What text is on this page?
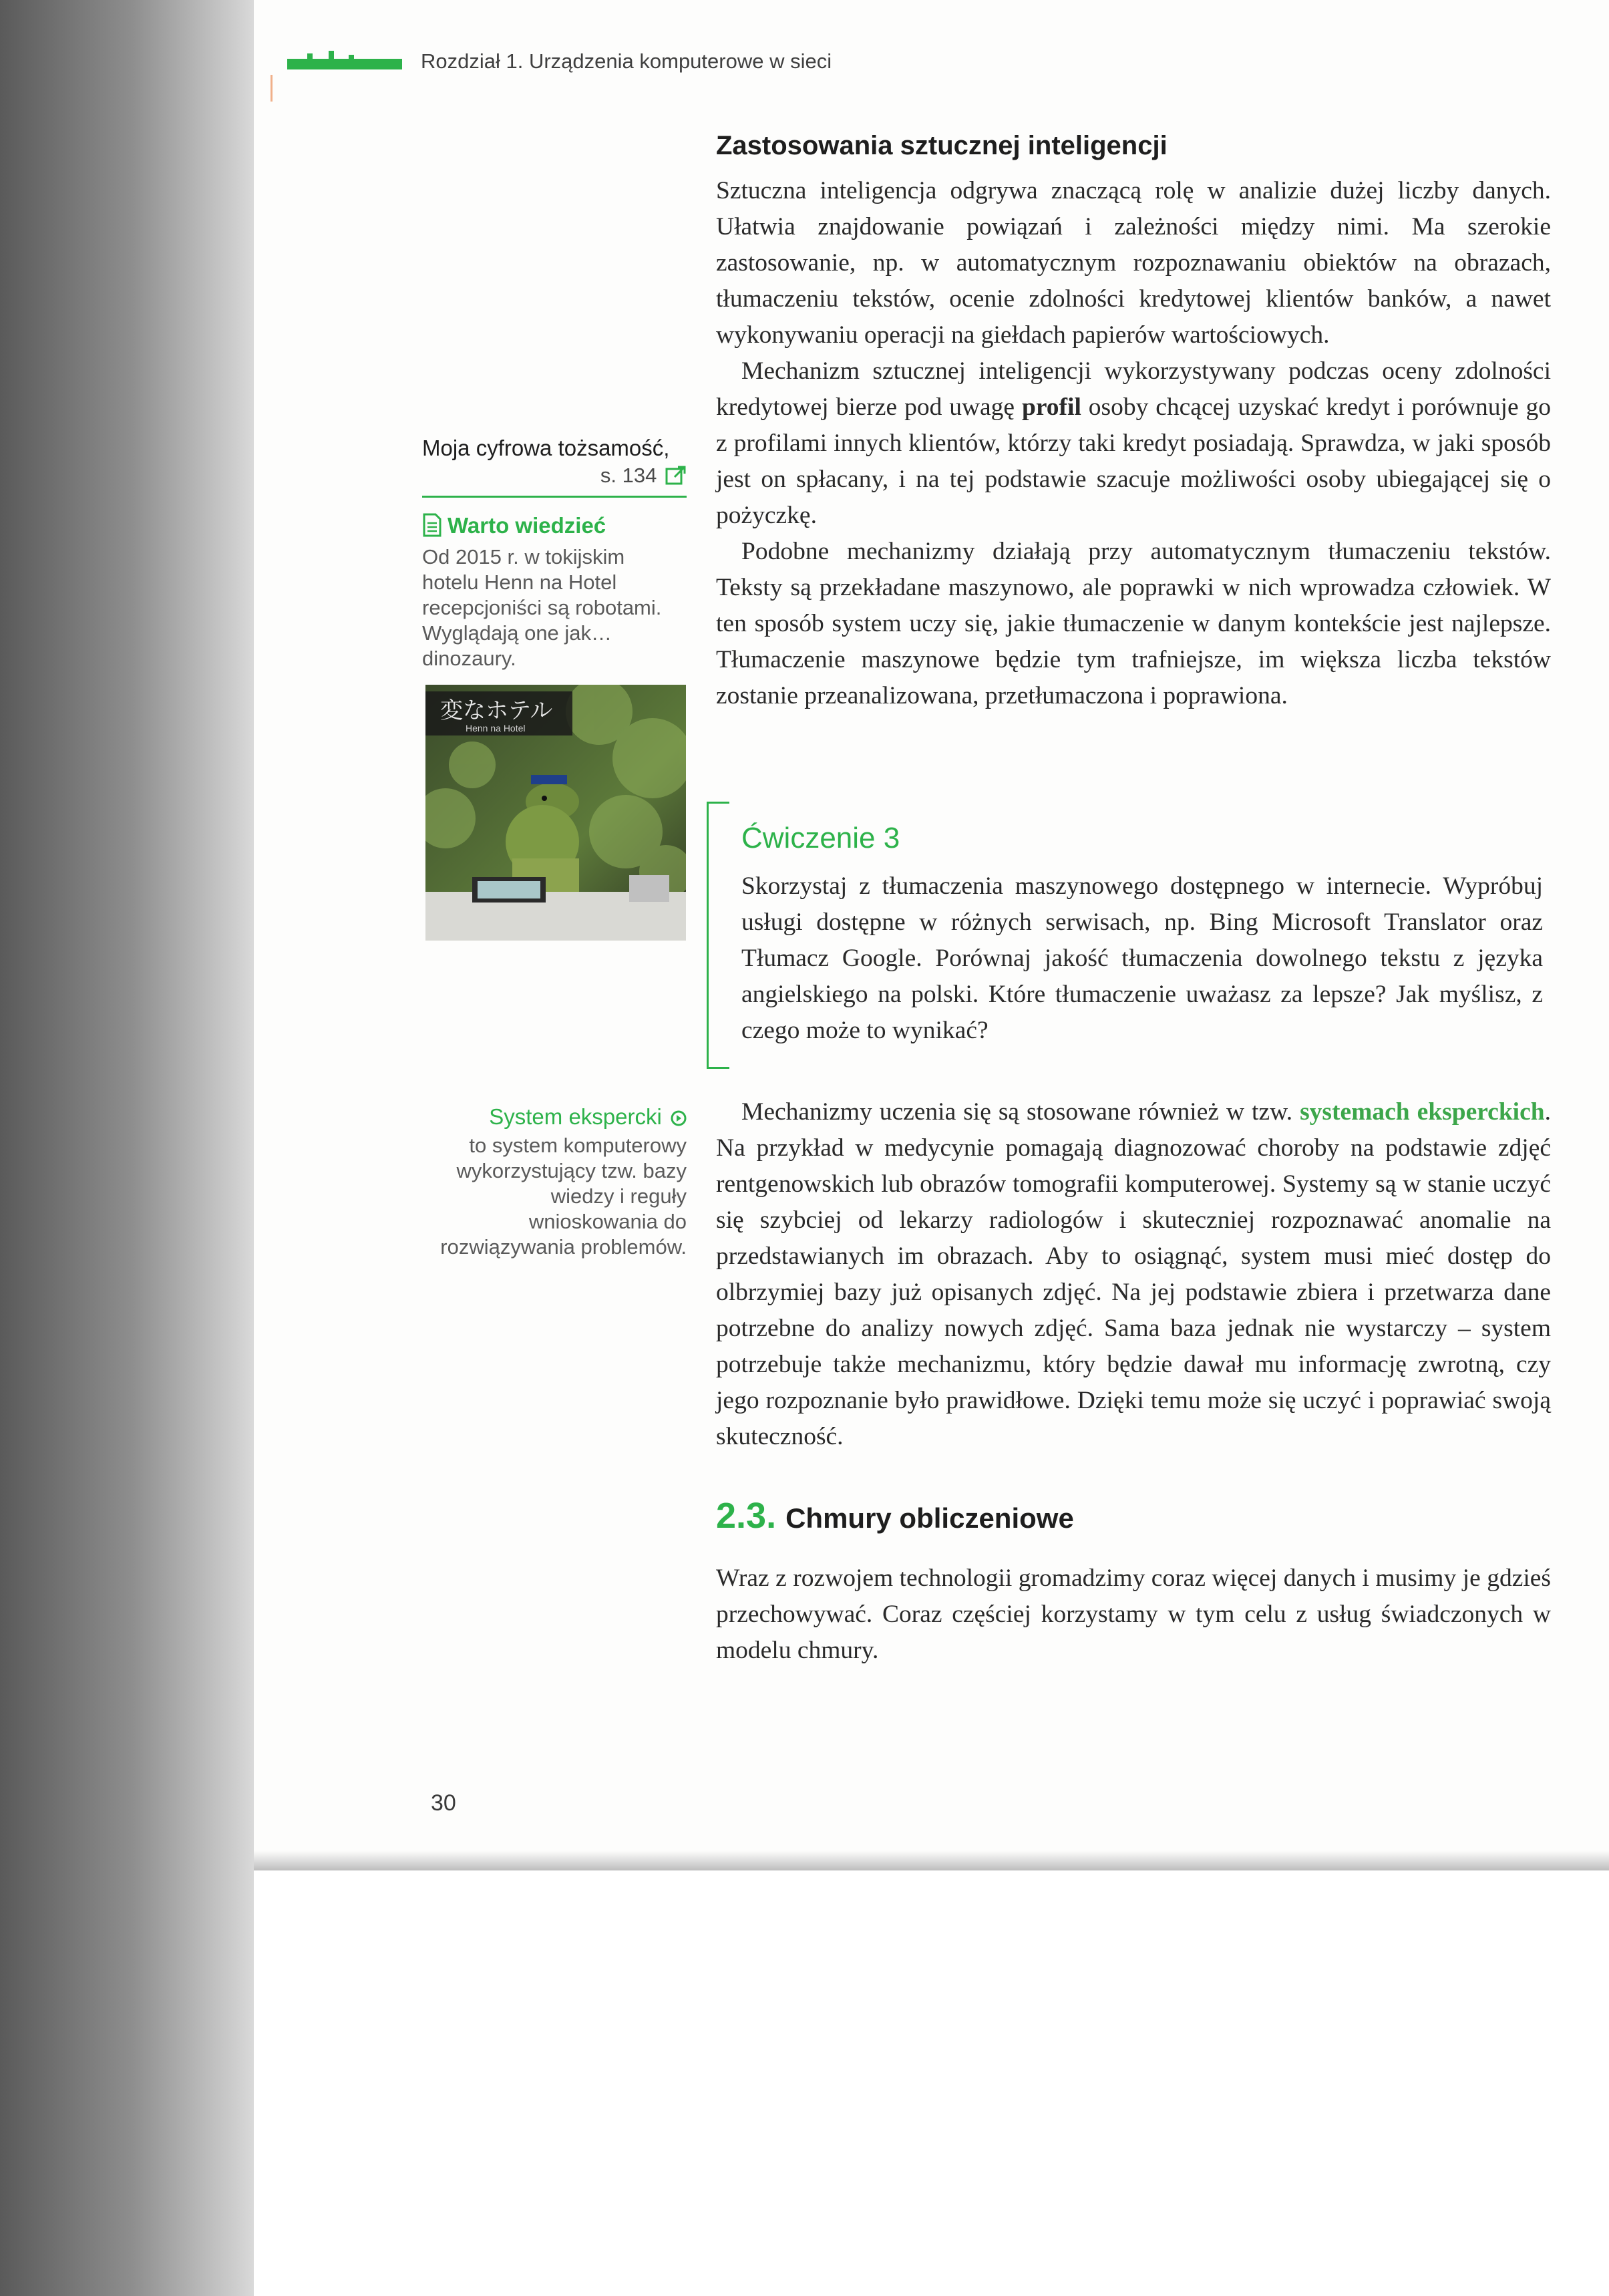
Rozdział 1. Urządzenia komputerowe w sieci
Zastosowania sztucznej inteligencji

Sztuczna inteligencja odgrywa znaczącą rolę w analizie dużej liczby danych. Ułatwia znajdowanie powiązań i zależności między nimi. Ma szerokie zastosowanie, np. w automatycznym rozpoznawaniu obiektów na obrazach, tłumaczeniu tekstów, ocenie zdolności kredytowej klientów banków, a nawet wykonywaniu operacji na giełdach papierów wartościowych.

Mechanizm sztucznej inteligencji wykorzystywany podczas oceny zdolności kredytowej bierze pod uwagę profil osoby chcącej uzyskać kredyt i porównuje go z profilami innych klientów, którzy taki kredyt posiadają. Sprawdza, w jaki sposób jest on spłacany, i na tej podstawie szacuje możliwości osoby ubiegającej się o pożyczkę.

Podobne mechanizmy działają przy automatycznym tłumaczeniu tekstów. Teksty są przekładane maszynowo, ale poprawki w nich wprowadza człowiek. W ten sposób system uczy się, jakie tłumaczenie w danym kontekście jest najlepsze. Tłumaczenie maszynowe będzie tym trafniejsze, im większa liczba tekstów zostanie przeanalizowana, przetłumaczona i poprawiona.

Ćwiczenie 3

Skorzystaj z tłumaczenia maszynowego dostępnego w internecie. Wypróbuj usługi dostępne w różnych serwisach, np. Bing Microsoft Translator oraz Tłumacz Google. Porównaj jakość tłumaczenia dowolnego tekstu z języka angielskiego na polski. Które tłumaczenie uważasz za lepsze? Jak myślisz, z czego może to wynikać?

Mechanizmy uczenia się są stosowane również w tzw. systemach eksperckich. Na przykład w medycynie pomagają diagnozować choroby na podstawie zdjęć rentgenowskich lub obrazów tomografii komputerowej. Systemy są w stanie uczyć się szybciej od lekarzy radiologów i skuteczniej rozpoznawać anomalie na przedstawianych im obrazach. Aby to osiągnąć, system musi mieć dostęp do olbrzymiej bazy już opisanych zdjęć. Na jej podstawie zbiera i przetwarza dane potrzebne do analizy nowych zdjęć. Sama baza jednak nie wystarczy – system potrzebuje także mechanizmu, który będzie dawał mu informację zwrotną, czy jego rozpoznanie było prawidłowe. Dzięki temu może się uczyć i poprawiać swoją skuteczność.

2.3. Chmury obliczeniowe

Wraz z rozwojem technologii gromadzimy coraz więcej danych i musimy je gdzieś przechowywać. Coraz częściej korzystamy w tym celu z usług świadczonych w modelu chmury.

Moja cyfrowa tożsamość,
s. 134
Warto wiedzieć
Od 2015 r. w tokijskim hotelu Henn na Hotel recepcjoniści są robotami. Wyglądają one jak… dinozaury.
変なホテル
Henn na Hotel
System ekspercki
to system komputerowy wykorzystujący tzw. bazy wiedzy i reguły wnioskowania do rozwiązywania problemów.
30
